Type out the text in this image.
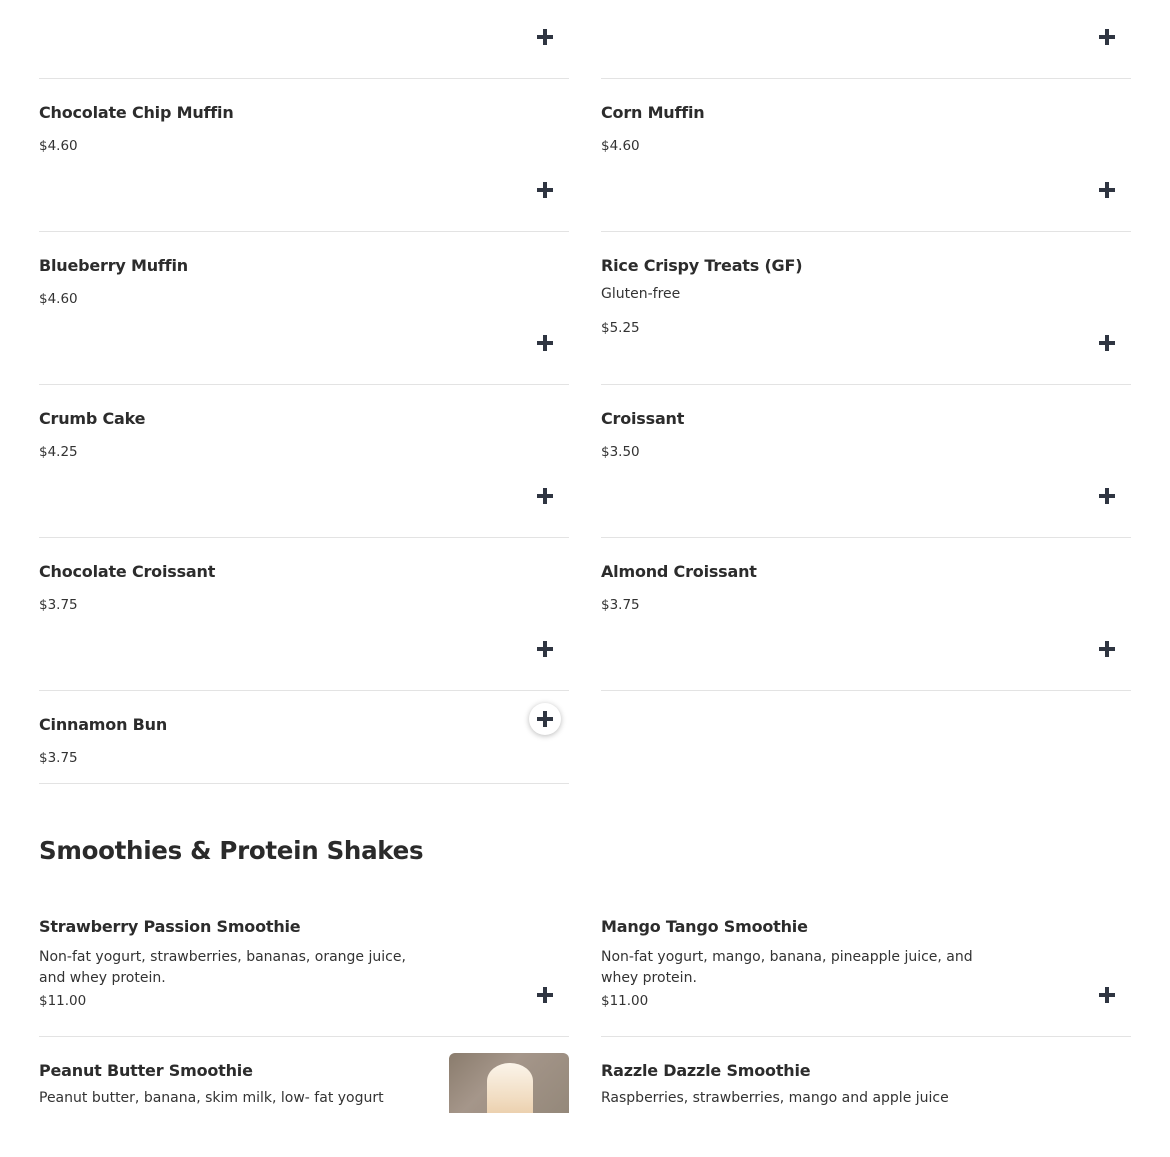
Chocolate Chip Muffin
$4.60
Corn Muffin
$4.60
Blueberry Muffin
$4.60
Rice Crispy Treats (GF)
Gluten-free
$5.25
Crumb Cake
$4.25
Croissant
$3.50
Chocolate Croissant
$3.75
Almond Croissant
$3.75
Cinnamon Bun
$3.75
Smoothies & Protein Shakes
Strawberry Passion Smoothie
Non-fat yogurt, strawberries, bananas, orange juice, and whey protein.
$11.00
Mango Tango Smoothie
Non-fat yogurt, mango, banana, pineapple juice, and whey protein.
$11.00
Peanut Butter Smoothie
Peanut butter, banana, skim milk, low- fat yogurt
Razzle Dazzle Smoothie
Raspberries, strawberries, mango and apple juice
